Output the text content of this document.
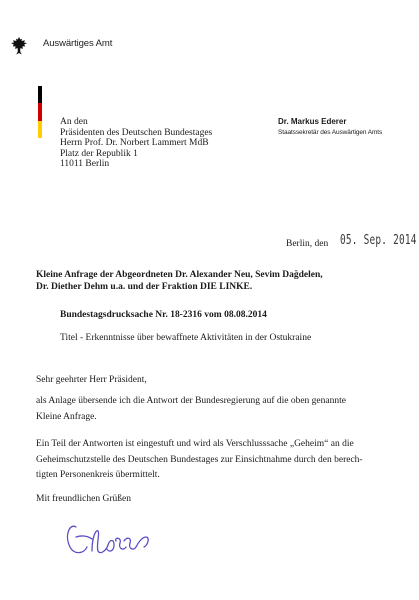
Auswärtiges Amt
An den
Präsidenten des Deutschen Bundestages
Herrn Prof. Dr. Norbert Lammert MdB
Platz der Republik 1
11011 Berlin
Dr. Markus Ederer
Staatssekretär des Auswärtigen Amts
Berlin, den 05. Sep. 2014
Kleine Anfrage der Abgeordneten Dr. Alexander Neu, Sevim Dağdelen,
Dr. Diether Dehm u.a. und der Fraktion DIE LINKE.
Bundestagsdrucksache Nr. 18-2316 vom 08.08.2014
Titel - Erkenntnisse über bewaffnete Aktivitäten in der Ostukraine
Sehr geehrter Herr Präsident,
als Anlage übersende ich die Antwort der Bundesregierung auf die oben genannte
Kleine Anfrage.
Ein Teil der Antworten ist eingestuft und wird als Verschlusssache „Geheim“ an die
Geheimschutzstelle des Deutschen Bundestages zur Einsichtnahme durch den berech-
tigten Personenkreis übermittelt.
Mit freundlichen Grüßen
